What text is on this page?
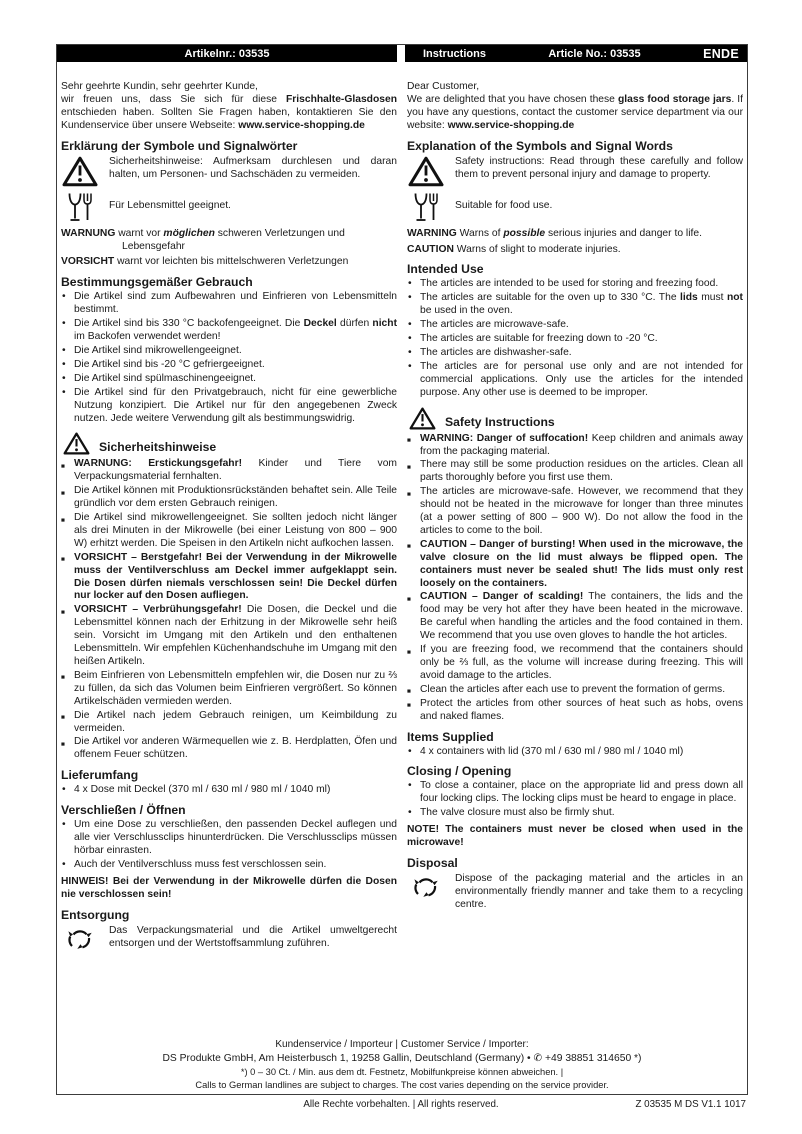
Artikelnr.: 03535	Instructions	Article No.: 03535	ENDE

Sehr geehrte Kundin, sehr geehrter Kunde,
wir freuen uns, dass Sie sich für diese Frischhalte-Glasdosen entschieden haben. Sollten Sie Fragen haben, kontaktieren Sie den Kundenservice über unsere Webseite: www.service-shopping.de

Erklärung der Symbole und Signalwörter

Sicherheitshinweise: Aufmerksam durchlesen und daran halten, um Personen- und Sachschäden zu vermeiden.

Für Lebensmittel geeignet.

WARNUNG warnt vor möglichen schweren Verletzungen und Lebensgefahr

VORSICHT warnt vor leichten bis mittelschweren Verletzungen

Bestimmungsgemäßer Gebrauch
• Die Artikel sind zum Aufbewahren und Einfrieren von Lebensmitteln bestimmt.
• Die Artikel sind bis 330 °C backofengeeignet. Die Deckel dürfen nicht im Backofen verwendet werden!
• Die Artikel sind mikrowellengeeignet.
• Die Artikel sind bis -20 °C gefriergeeignet.
• Die Artikel sind spülmaschinengeeignet.
• Die Artikel sind für den Privatgebrauch, nicht für eine gewerbliche Nutzung konzipiert. Die Artikel nur für den angegebenen Zweck nutzen. Jede weitere Verwendung gilt als bestimmungswidrig.
Sicherheitshinweise
■ WARNUNG: Erstickungsgefahr! Kinder und Tiere vom Verpackungsmaterial fernhalten.
■ Die Artikel können mit Produktionsrückständen behaftet sein. Alle Teile gründlich vor dem ersten Gebrauch reinigen.
■ Die Artikel sind mikrowellengeeignet. Sie sollten jedoch nicht länger als drei Minuten in der Mikrowelle (bei einer Leistung von 800 – 900 W) erhitzt werden. Die Speisen in den Artikeln nicht aufkochen lassen.
■ VORSICHT – Berstgefahr! Bei der Verwendung in der Mikrowelle muss der Ventilverschluss am Deckel immer aufgeklappt sein. Die Dosen dürfen niemals verschlossen sein! Die Deckel dürfen nur locker auf den Dosen aufliegen.
■ VORSICHT – Verbrühungsgefahr! Die Dosen, die Deckel und die Lebensmittel können nach der Erhitzung in der Mikrowelle sehr heiß sein. Vorsicht im Umgang mit den Artikeln und den enthaltenen Lebensmitteln. Wir empfehlen Küchenhandschuhe im Umgang mit den heißen Artikeln.
■ Beim Einfrieren von Lebensmitteln empfehlen wir, die Dosen nur zu ⅔ zu füllen, da sich das Volumen beim Einfrieren vergrößert. So können Artikelschäden vermieden werden.
■ Die Artikel nach jedem Gebrauch reinigen, um Keimbildung zu vermeiden.
■ Die Artikel vor anderen Wärmequellen wie z. B. Herdplatten, Öfen und offenem Feuer schützen.
Lieferumfang
• 4 x Dose mit Deckel (370 ml / 630 ml / 980 ml / 1040 ml)
Verschließen / Öffnen
• Um eine Dose zu verschließen, den passenden Deckel auflegen und alle vier Verschlussclips hinunterdrücken. Die Verschlussclips müssen hörbar einrasten.
• Auch der Ventilverschluss muss fest verschlossen sein.

HINWEIS! Bei der Verwendung in der Mikrowelle dürfen die Dosen nie verschlossen sein!

Entsorgung

Das Verpackungsmaterial und die Artikel umweltgerecht entsorgen und der Wertstoffsammlung zuführen.

Dear Customer,
We are delighted that you have chosen these glass food storage jars. If you have any questions, contact the customer service department via our website: www.service-shopping.de

Explanation of the Symbols and Signal Words

Safety instructions: Read through these carefully and follow them to prevent personal injury and damage to property.

Suitable for food use.

WARNING Warns of possible serious injuries and danger to life.

CAUTION Warns of slight to moderate injuries.

Intended Use
• The articles are intended to be used for storing and freezing food.
• The articles are suitable for the oven up to 330 °C. The lids must not be used in the oven.
• The articles are microwave-safe.
• The articles are suitable for freezing down to -20 °C.
• The articles are dishwasher-safe.
• The articles are for personal use only and are not intended for commercial applications. Only use the articles for the intended purpose. Any other use is deemed to be improper.
Safety Instructions
■ WARNING: Danger of suffocation! Keep children and animals away from the packaging material.
■ There may still be some production residues on the articles. Clean all parts thoroughly before you first use them.
■ The articles are microwave-safe. However, we recommend that they should not be heated in the microwave for longer than three minutes (at a power setting of 800 – 900 W). Do not allow the food in the articles to come to the boil.
■ CAUTION – Danger of bursting! When used in the microwave, the valve closure on the lid must always be flipped open. The containers must never be sealed shut! The lids must only rest loosely on the containers.
■ CAUTION – Danger of scalding! The containers, the lids and the food may be very hot after they have been heated in the microwave. Be careful when handling the articles and the food contained in them. We recommend that you use oven gloves to handle the hot articles.
■ If you are freezing food, we recommend that the containers should only be ⅔ full, as the volume will increase during freezing. This will avoid damage to the articles.
■ Clean the articles after each use to prevent the formation of germs.
■ Protect the articles from other sources of heat such as hobs, ovens and naked flames.
Items Supplied
• 4 x containers with lid (370 ml / 630 ml / 980 ml / 1040 ml)
Closing / Opening
• To close a container, place on the appropriate lid and press down all four locking clips. The locking clips must be heard to engage in place.
• The valve closure must also be firmly shut.

NOTE! The containers must never be closed when used in the microwave!

Disposal

Dispose of the packaging material and the articles in an environmentally friendly manner and take them to a recycling centre.

Kundenservice / Importeur | Customer Service / Importer:
DS Produkte GmbH, Am Heisterbusch 1, 19258 Gallin, Deutschland (Germany) • ✆ +49 38851 314650 *)
*) 0 – 30 Ct. / Min. aus dem dt. Festnetz, Mobilfunkpreise können abweichen. |
Calls to German landlines are subject to charges. The cost varies depending on the service provider.
Alle Rechte vorbehalten. | All rights reserved.	Z 03535 M DS V1.1 1017
